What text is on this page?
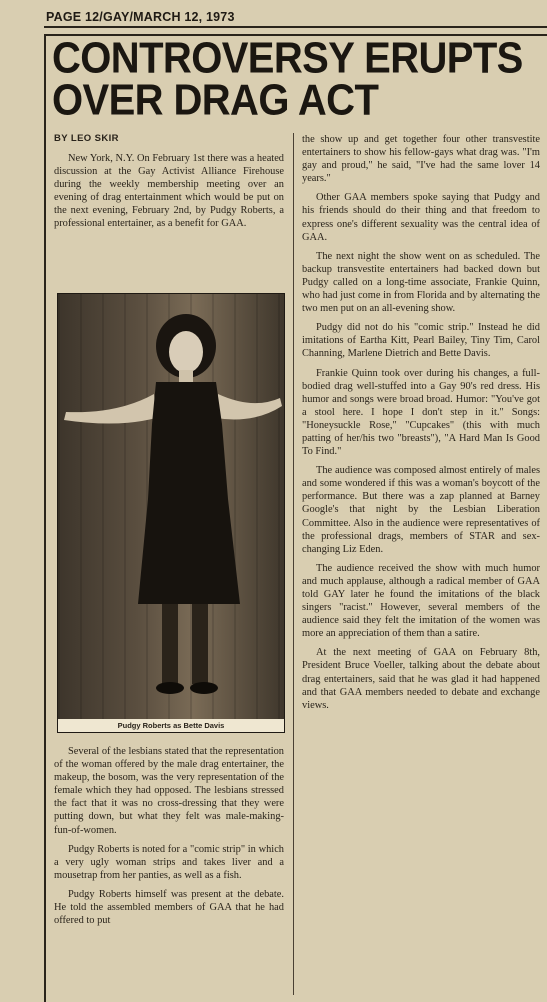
PAGE 12/GAY/MARCH 12, 1973
CONTROVERSY ERUPTS
OVER DRAG ACT
BY LEO SKIR

New York, N.Y. On February 1st there was a heated discussion at the Gay Activist Alliance Firehouse during the weekly membership meeting over an evening of drag entertainment which would be put on the next evening, February 2nd, by Pudgy Roberts, a professional entertainer, as a benefit for GAA.

Pudgy Roberts as Bette Davis

Several of the lesbians stated that the representation of the woman offered by the male drag entertainer, the makeup, the bosom, was the very representation of the female which they had opposed. The lesbians stressed the fact that it was no cross-dressing that they were putting down, but what they felt was male-making-fun-of-women.

Pudgy Roberts is noted for a "comic strip" in which a very ugly woman strips and takes liver and a mousetrap from her panties, as well as a fish.

Pudgy Roberts himself was present at the debate. He told the assembled members of GAA that he had offered to put

the show up and get together four other transvestite entertainers to show his fellow-gays what drag was. "I'm gay and proud," he said, "I've had the same lover 14 years."

Other GAA members spoke saying that Pudgy and his friends should do their thing and that freedom to express one's different sexuality was the central idea of GAA.

The next night the show went on as scheduled. The backup transvestite entertainers had backed down but Pudgy called on a long-time associate, Frankie Quinn, who had just come in from Florida and by alternating the two men put on an all-evening show.

Pudgy did not do his "comic strip." Instead he did imitations of Eartha Kitt, Pearl Bailey, Tiny Tim, Carol Channing, Marlene Dietrich and Bette Davis.

Frankie Quinn took over during his changes, a full-bodied drag well-stuffed into a Gay 90's red dress. His humor and songs were broad broad. Humor: "You've got a stool here. I hope I don't step in it." Songs: "Honeysuckle Rose," "Cupcakes" (this with much patting of her/his two "breasts"), "A Hard Man Is Good To Find."

The audience was composed almost entirely of males and some wondered if this was a woman's boycott of the performance. But there was a zap planned at Barney Google's that night by the Lesbian Liberation Committee. Also in the audience were representatives of the professional drags, members of STAR and sex-changing Liz Eden.

The audience received the show with much humor and much applause, although a radical member of GAA told GAY later he found the imitations of the black singers "racist." However, several members of the audience said they felt the imitation of the women was more an appreciation of them than a satire.

At the next meeting of GAA on February 8th, President Bruce Voeller, talking about the debate about drag entertainers, said that he was glad it had happened and that GAA members needed to debate and exchange views.
